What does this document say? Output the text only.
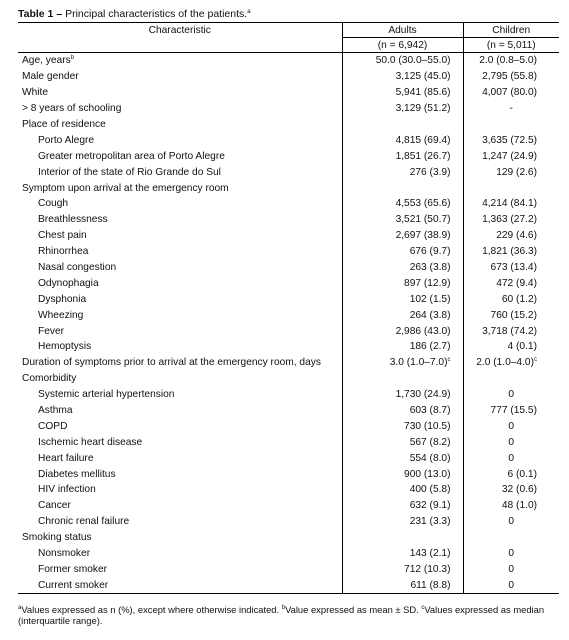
Table 1 – Principal characteristics of the patients.$^a$
Characteristic	Adults	Children
	(n = 6,942)	(n = 5,011)
Age, years$^b$	50.0 (30.0–55.0)	2.0 (0.8–5.0)
Male gender	3,125 (45.0)	2,795 (55.8)
White	5,941 (85.6)	4,007 (80.0)
> 8 years of schooling	3,129 (51.2)	-
Place of residence		
Porto Alegre	4,815 (69.4)	3,635 (72.5)
Greater metropolitan area of Porto Alegre	1,851 (26.7)	1,247 (24.9)
Interior of the state of Rio Grande do Sul	276 (3.9)	129 (2.6)
Symptom upon arrival at the emergency room		
Cough	4,553 (65.6)	4,214 (84.1)
Breathlessness	3,521 (50.7)	1,363 (27.2)
Chest pain	2,697 (38.9)	229 (4.6)
Rhinorrhea	676 (9.7)	1,821 (36.3)
Nasal congestion	263 (3.8)	673 (13.4)
Odynophagia	897 (12.9)	472 (9.4)
Dysphonia	102 (1.5)	60 (1.2)
Wheezing	264 (3.8)	760 (15.2)
Fever	2,986 (43.0)	3,718 (74.2)
Hemoptysis	186 (2.7)	4 (0.1)
Duration of symptoms prior to arrival at the emergency room, days	3.0 (1.0–7.0)$^c$	2.0 (1.0–4.0)$^c$
Comorbidity		
Systemic arterial hypertension	1,730 (24.9)	0
Asthma	603 (8.7)	777 (15.5)
COPD	730 (10.5)	0
Ischemic heart disease	567 (8.2)	0
Heart failure	554 (8.0)	0
Diabetes mellitus	900 (13.0)	6 (0.1)
HIV infection	400 (5.8)	32 (0.6)
Cancer	632 (9.1)	48 (1.0)
Chronic renal failure	231 (3.3)	0
Smoking status		
Nonsmoker	143 (2.1)	0
Former smoker	712 (10.3)	0
Current smoker	611 (8.8)	0
$^a$Values expressed as n (%), except where otherwise indicated. $^b$Value expressed as mean ± SD. $^c$Values expressed as median (interquartile range).
